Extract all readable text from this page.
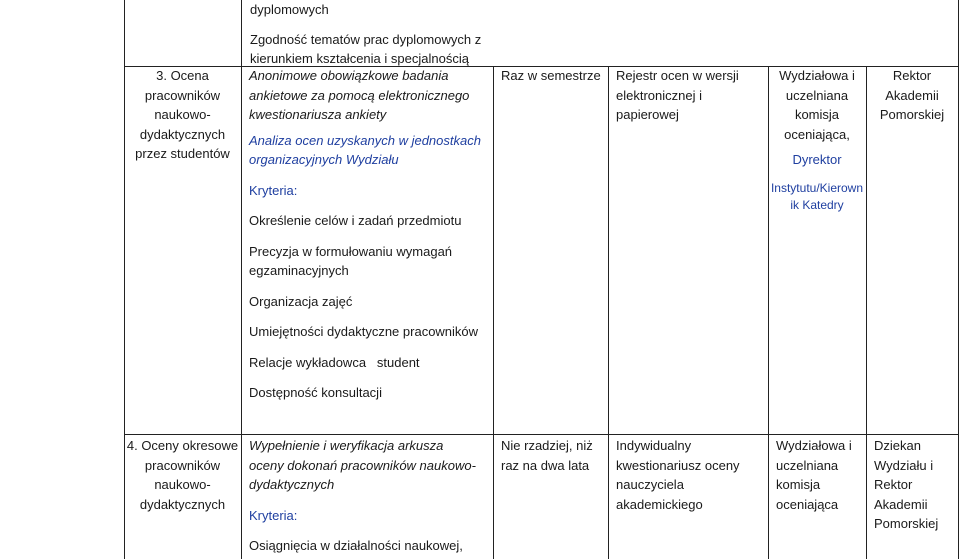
dyplomowych

Zgodność tematów prac dyplomowych z kierunkiem kształcenia i specjalnością

3. Ocena pracowników naukowo-dydaktycznych przez studentów

Anonimowe obowiązkowe badania ankietowe za pomocą elektronicznego kwestionariusza ankiety

Analiza ocen uzyskanych w jednostkach organizacyjnych Wydziału

Kryteria:

Określenie celów i zadań przedmiotu

Precyzja w formułowaniu wymagań egzaminacyjnych

Organizacja zajęć

Umiejętności dydaktyczne pracowników

Relacje wykładowca   student

Dostępność konsultacji

Raz w semestrze Rejestr ocen w wersji elektronicznej i papierowej

Wydziałowa i uczelniana komisja oceniająca,

Dyrektor

Instytutu/Kierownik Katedry

Rektor Akademii Pomorskiej
4. Oceny okresowe pracowników naukowo-dydaktycznych

Wypełnienie i weryfikacja arkusza oceny dokonań pracowników naukowo-dydaktycznych

Kryteria:

Osiągnięcia w działalności naukowej,

Nie rzadziej, niż raz na dwa lata
Indywidualny kwestionariusz oceny nauczyciela akademickiego
Wydziałowa i uczelniana komisja oceniająca
Dziekan Wydziału i Rektor Akademii Pomorskiej
